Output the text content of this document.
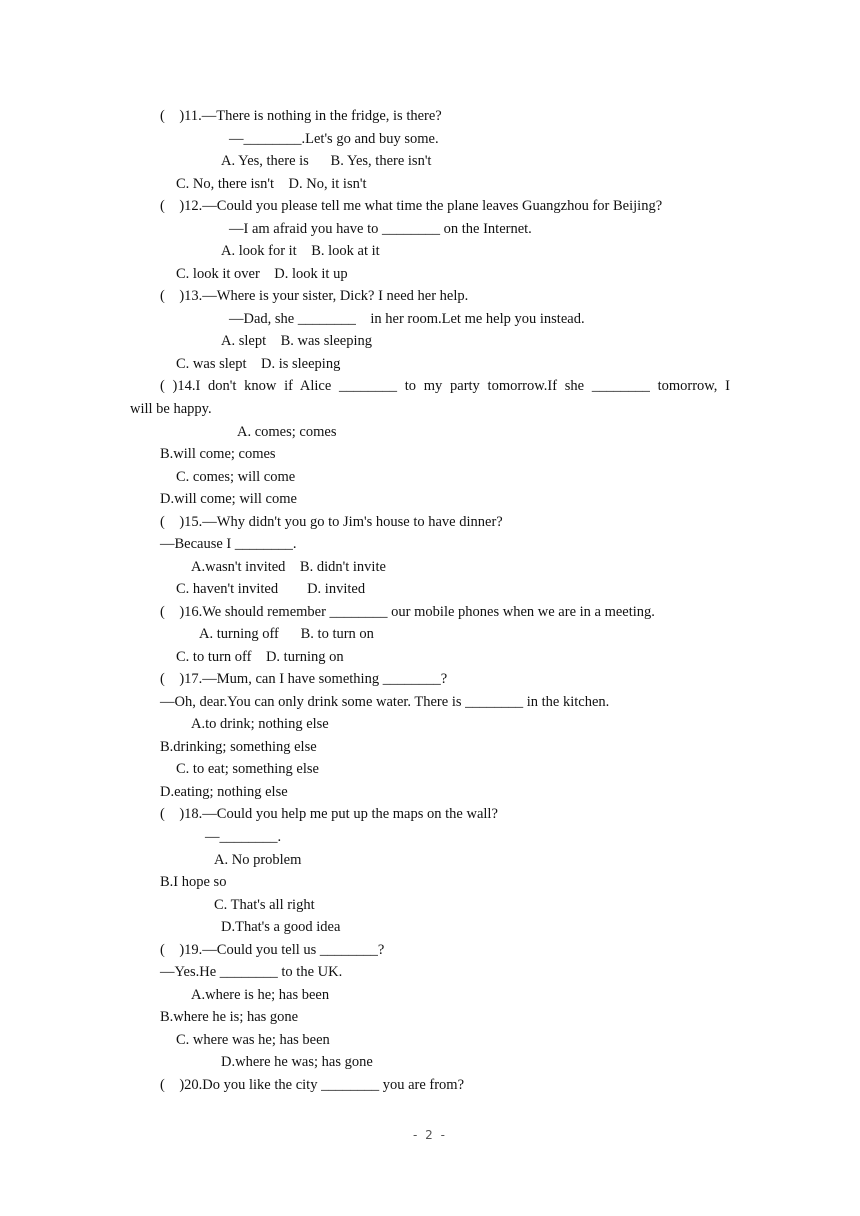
(    )11.—There is nothing in the fridge, is there?
—________.Let's go and buy some.
A. Yes, there is      B. Yes, there isn't
C. No, there isn't    D. No, it isn't
(    )12.—Could you please tell me what time the plane leaves Guangzhou for Beijing?
—I am afraid you have to ________ on the Internet.
A. look for it    B. look at it
C. look it over    D. look it up
(    )13.—Where is your sister, Dick? I need her help.
—Dad, she ________    in her room.Let me help you instead.
A. slept    B. was sleeping
C. was slept    D. is sleeping
( )14.I don't know if Alice ________ to my party tomorrow.If she ________ tomorrow, I
will be happy.
A. comes; comes
B.will come; comes
C. comes; will come
D.will come; will come
(    )15.—Why didn't you go to Jim's house to have dinner?
—Because I ________.
A.wasn't invited    B. didn't invite
C. haven't invited        D. invited
(    )16.We should remember ________ our mobile phones when we are in a meeting.
A. turning off      B. to turn on
C. to turn off    D. turning on
(    )17.—Mum, can I have something ________?
—Oh, dear.You can only drink some water. There is ________ in the kitchen.
A.to drink; nothing else
B.drinking; something else
C. to eat; something else
D.eating; nothing else
(    )18.—Could you help me put up the maps on the wall?
—________.
A. No problem
B.I hope so
C. That's all right
D.That's a good idea
(    )19.—Could you tell us ________?
—Yes.He ________ to the UK.
A.where is he; has been
B.where he is; has gone
C. where was he; has been
D.where he was; has gone
(    )20.Do you like the city ________ you are from?
- 2 -
